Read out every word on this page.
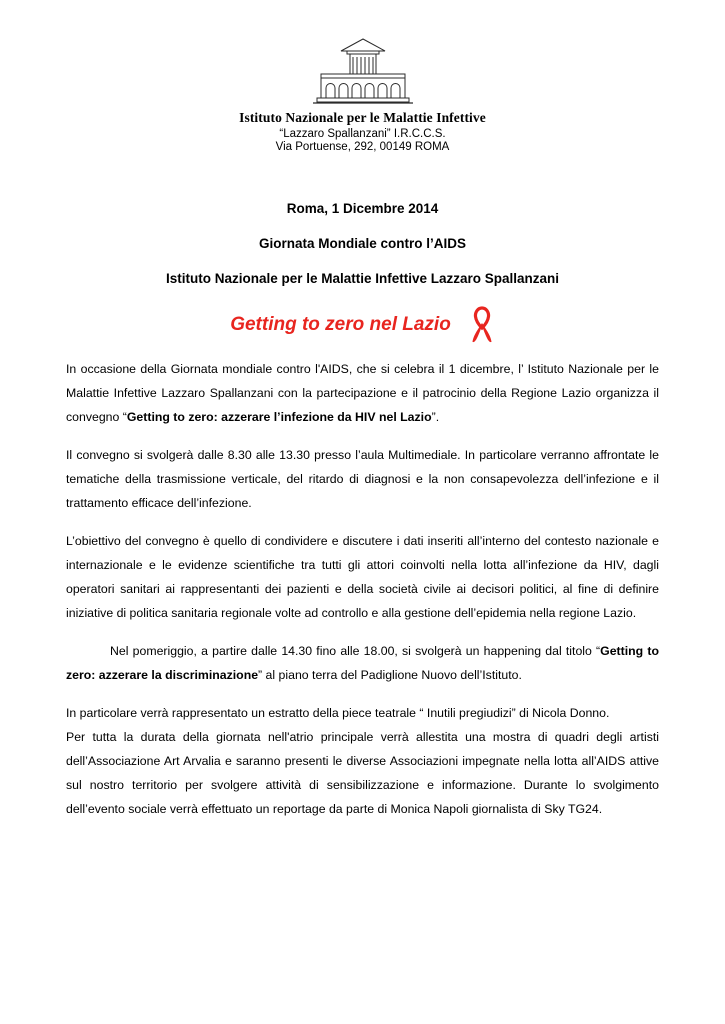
Istituto Nazionale per le Malattie Infettive
“Lazzaro Spallanzani” I.R.C.C.S.
Via Portuense, 292, 00149 ROMA
Roma, 1 Dicembre 2014
Giornata Mondiale contro l’AIDS
Istituto Nazionale per le Malattie Infettive Lazzaro Spallanzani
Getting to zero nel Lazio

In occasione della Giornata mondiale contro l'AIDS, che si celebra il 1 dicembre, l’ Istituto Nazionale per le Malattie Infettive Lazzaro Spallanzani con la partecipazione e il patrocinio della Regione Lazio organizza il convegno “Getting to zero: azzerare l’infezione da HIV nel Lazio”.

Il convegno si svolgerà dalle 8.30 alle 13.30 presso l’aula Multimediale. In particolare verranno affrontate le tematiche della trasmissione verticale, del ritardo di diagnosi e la non consapevolezza dell’infezione e il trattamento efficace dell’infezione.

L’obiettivo del convegno è quello di condividere e discutere i dati inseriti all’interno del contesto nazionale e internazionale e le evidenze scientifiche tra tutti gli attori coinvolti nella lotta all’infezione da HIV, dagli operatori sanitari ai rappresentanti dei pazienti e della società civile ai decisori politici, al fine di definire iniziative di politica sanitaria regionale volte ad controllo e alla gestione dell’epidemia nella regione Lazio.

Nel pomeriggio, a partire dalle 14.30 fino alle 18.00, si svolgerà un happening dal titolo “Getting to zero: azzerare la discriminazione” al piano terra del Padiglione Nuovo dell’Istituto.

In particolare verrà rappresentato un estratto della piece teatrale “ Inutili pregiudizi” di Nicola Donno.

Per tutta la durata della giornata nell'atrio principale verrà allestita una mostra di quadri degli artisti dell’Associazione Art Arvalia e saranno presenti le diverse Associazioni impegnate nella lotta all’AIDS attive sul nostro territorio per svolgere attività di sensibilizzazione e informazione. Durante lo svolgimento dell’evento sociale verrà effettuato un reportage da parte di Monica Napoli giornalista di Sky TG24.
